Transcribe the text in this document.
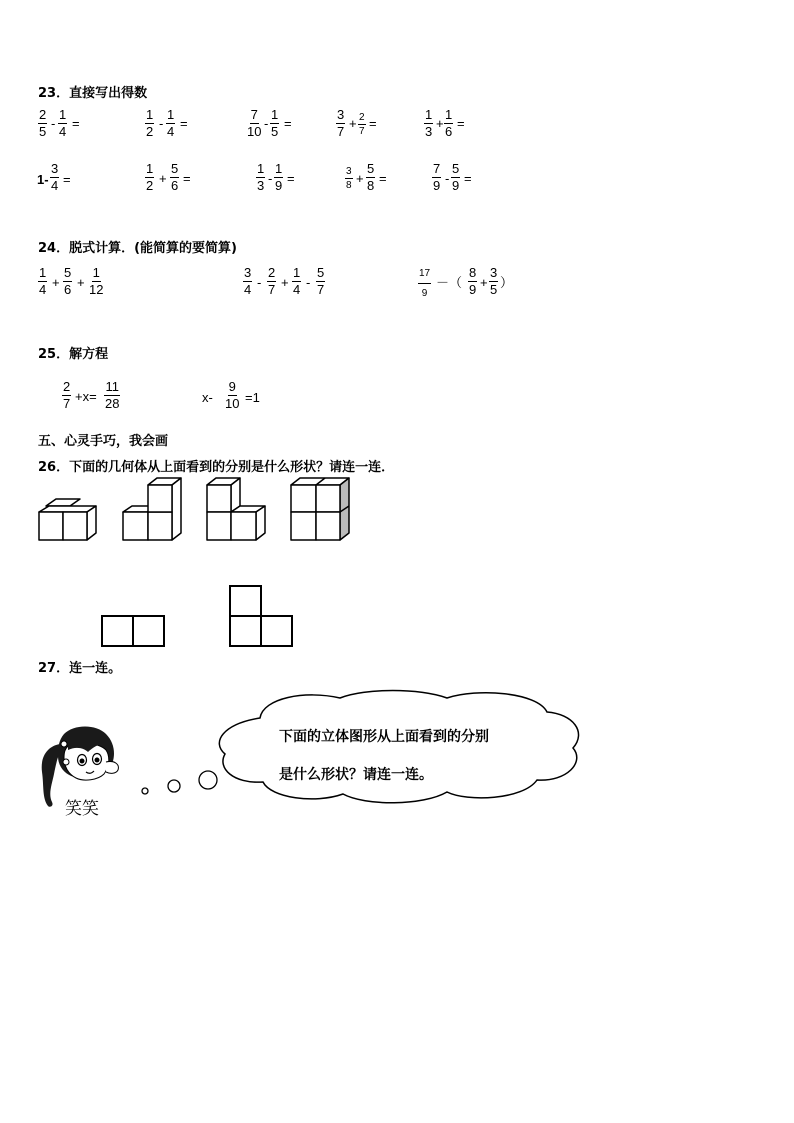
23．直接写出得数
$\frac{2}{5} - \frac{1}{4}$ =	$\frac{1}{2} - \frac{1}{4}$ =	$\frac{7}{10} - \frac{1}{5}$ =	$\frac{3}{7} + \frac{2}{7}$ =	$\frac{1}{3} + \frac{1}{6}$ =
$1- \frac{3}{4}$ =	$\frac{1}{2} + \frac{5}{6}$ =	$\frac{1}{3} - \frac{1}{9}$ =	$\frac{3}{8} + \frac{5}{8}$ =	$\frac{7}{9} - \frac{5}{9}$ =
24．脱式计算．(能简算的要简算)
$\frac{1}{4} + \frac{5}{6} + \frac{1}{12}$	$\frac{3}{4} - \frac{2}{7} + \frac{1}{4} - \frac{5}{7}$	$\frac{17}{9}$ －（ $\frac{8}{9} + \frac{3}{5}$ ）
25．解方程
$\frac{2}{7} +x= \frac{11}{28}$	$x- \frac{9}{10} =1$
五、心灵手巧，我会画
26．下面的几何体从上面看到的分别是什么形状？请连一连．
27．连一连。
笑笑
下面的立体图形从上面看到的分别
是什么形状？请连一连。
